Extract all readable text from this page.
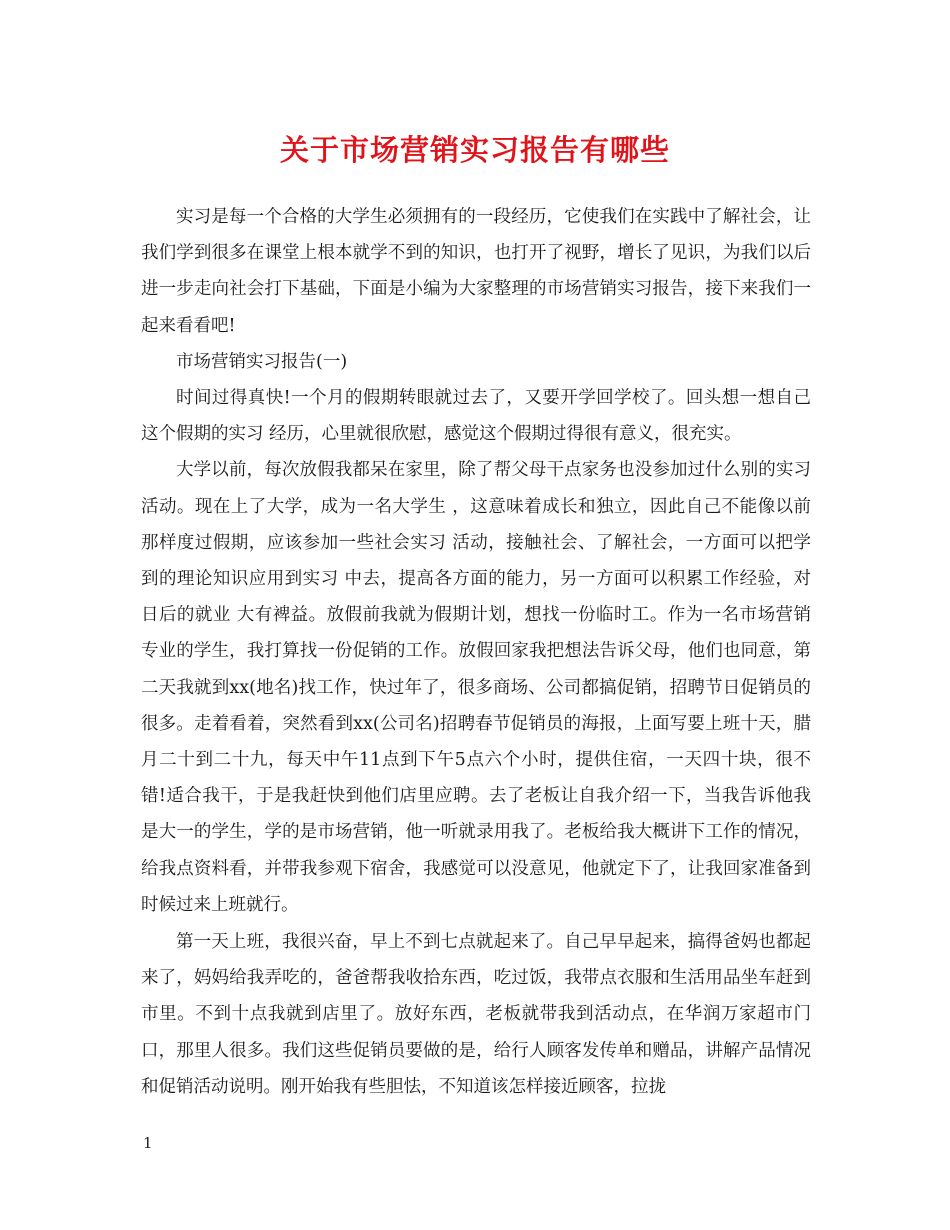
关于市场营销实习报告有哪些

实习是每一个合格的大学生必须拥有的一段经历，它使我们在实践中了解社会，让我们学到很多在课堂上根本就学不到的知识，也打开了视野，增长了见识，为我们以后进一步走向社会打下基础，下面是小编为大家整理的市场营销实习报告，接下来我们一起来看看吧!

市场营销实习报告(一)

时间过得真快!一个月的假期转眼就过去了，又要开学回学校了。回头想一想自己这个假期的实习 经历，心里就很欣慰，感觉这个假期过得很有意义，很充实。

大学以前，每次放假我都呆在家里，除了帮父母干点家务也没参加过什么别的实习 活动。现在上了大学，成为一名大学生 ，这意味着成长和独立，因此自己不能像以前那样度过假期，应该参加一些社会实习 活动，接触社会、了解社会，一方面可以把学到的理论知识应用到实习 中去，提高各方面的能力，另一方面可以积累工作经验，对日后的就业 大有裨益。放假前我就为假期计划，想找一份临时工。作为一名市场营销专业的学生，我打算找一份促销的工作。放假回家我把想法告诉父母，他们也同意，第二天我就到xx(地名)找工作，快过年了，很多商场、公司都搞促销，招聘节日促销员的很多。走着看着，突然看到xx(公司名)招聘春节促销员的海报，上面写要上班十天，腊月二十到二十九，每天中午11点到下午5点六个小时，提供住宿，一天四十块，很不错!适合我干，于是我赶快到他们店里应聘。去了老板让自我介绍一下，当我告诉他我是大一的学生，学的是市场营销，他一听就录用我了。老板给我大概讲下工作的情况，给我点资料看，并带我参观下宿舍，我感觉可以没意见，他就定下了，让我回家准备到时候过来上班就行。

第一天上班，我很兴奋，早上不到七点就起来了。自己早早起来，搞得爸妈也都起来了，妈妈给我弄吃的，爸爸帮我收拾东西，吃过饭，我带点衣服和生活用品坐车赶到市里。不到十点我就到店里了。放好东西，老板就带我到活动点，在华润万家超市门口，那里人很多。我们这些促销员要做的是，给行人顾客发传单和赠品，讲解产品情况和促销活动说明。刚开始我有些胆怯，不知道该怎样接近顾客，拉拢

1
